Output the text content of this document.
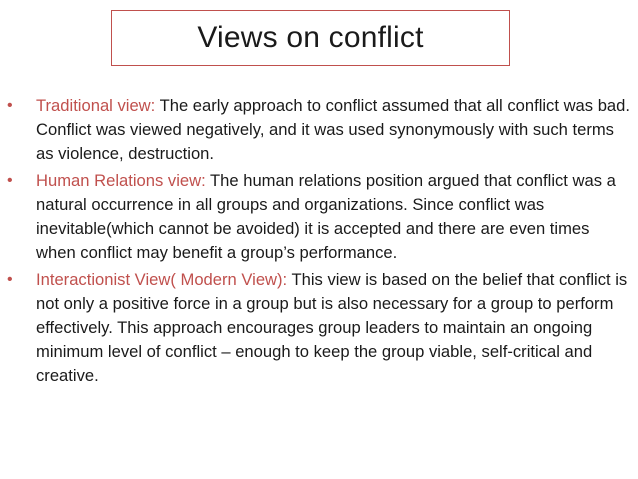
Views on conflict
• Traditional view: The early approach to conflict assumed that all conflict was bad. Conflict was viewed negatively, and it was used synonymously with such terms as violence, destruction.
• Human Relations view: The human relations position argued that conflict was a natural occurrence in all groups and organizations. Since conflict was inevitable(which cannot be avoided) it is accepted and there are even times when conflict may benefit a group’s performance.
• Interactionist View( Modern View): This view is based on the belief that conflict is not only a positive force in a group but is also necessary for a group to perform effectively. This approach encourages group leaders to maintain an ongoing minimum level of conflict – enough to keep the group viable, self-critical and creative.
